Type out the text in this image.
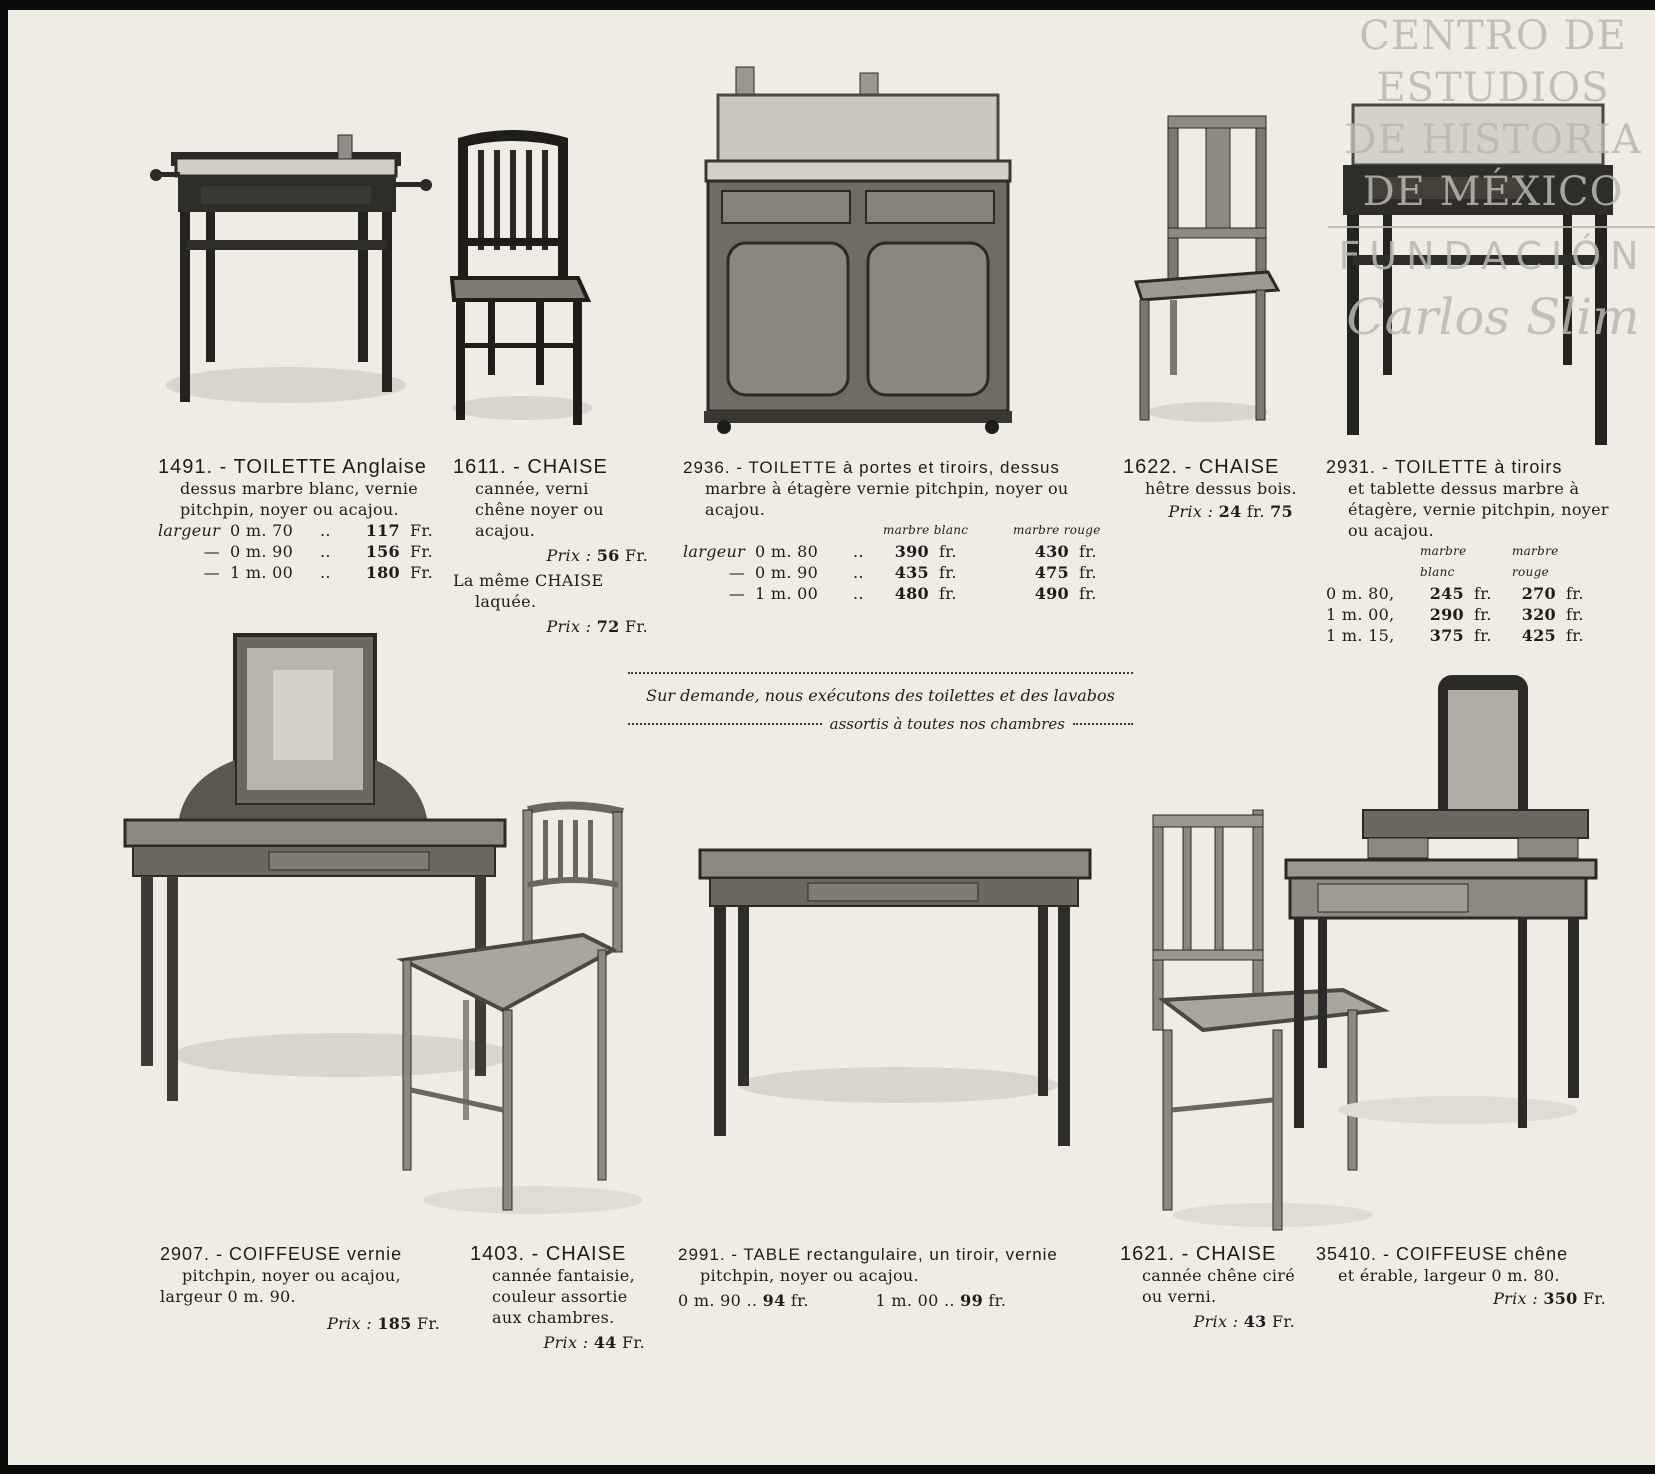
CENTRO DE
ESTUDIOS
DE HISTORIA
DE MÉXICO
FUNDACIÓN
Carlos Slim
1491. - TOILETTE Anglaise
dessus marbre blanc, vernie
pitchpin, noyer ou acajou.
largeur 0 m. 70	..	117 Fr.
— 0 m. 90	..	156 Fr.
— 1 m. 00	..	180 Fr.
1611. - CHAISE
cannée, verni
chêne noyer ou
acajou.
Prix : 56 Fr.
La même CHAISE
laquée.
Prix : 72 Fr.
2936. - TOILETTE à portes et tiroirs, dessus
marbre à étagère vernie pitchpin, noyer ou
acajou.
marbre blanc	marbre rouge
largeur 0 m. 80	..	390 fr.	430 fr.
— 0 m. 90	..	435 fr.	475 fr.
— 1 m. 00	..	480 fr.	490 fr.
1622. - CHAISE
hêtre dessus bois.
Prix : 24 fr. 75
2931. - TOILETTE à tiroirs
et tablette dessus marbre à
étagère, vernie pitchpin, noyer
ou acajou.
marbre blanc
marbre rouge
0 m. 80,	245 fr.	270 fr.
1 m. 00,	290 fr.	320 fr.
1 m. 15,	375 fr.	425 fr.
Sur demande, nous exécutons des toilettes et des lavabos
assortis à toutes nos chambres
2907. - COIFFEUSE vernie
pitchpin, noyer ou acajou,
largeur 0 m. 90.
Prix : 185 Fr.
1403. - CHAISE
cannée fantaisie,
couleur assortie
aux chambres.
Prix : 44 Fr.
2991. - TABLE rectangulaire, un tiroir, vernie
pitchpin, noyer ou acajou.
0 m. 90 .. 94 fr.	1 m. 00 .. 99 fr.
1621. - CHAISE
cannée chêne ciré
ou verni.
Prix : 43 Fr.
35410. - COIFFEUSE chêne
et érable, largeur 0 m. 80.
Prix : 350 Fr.
